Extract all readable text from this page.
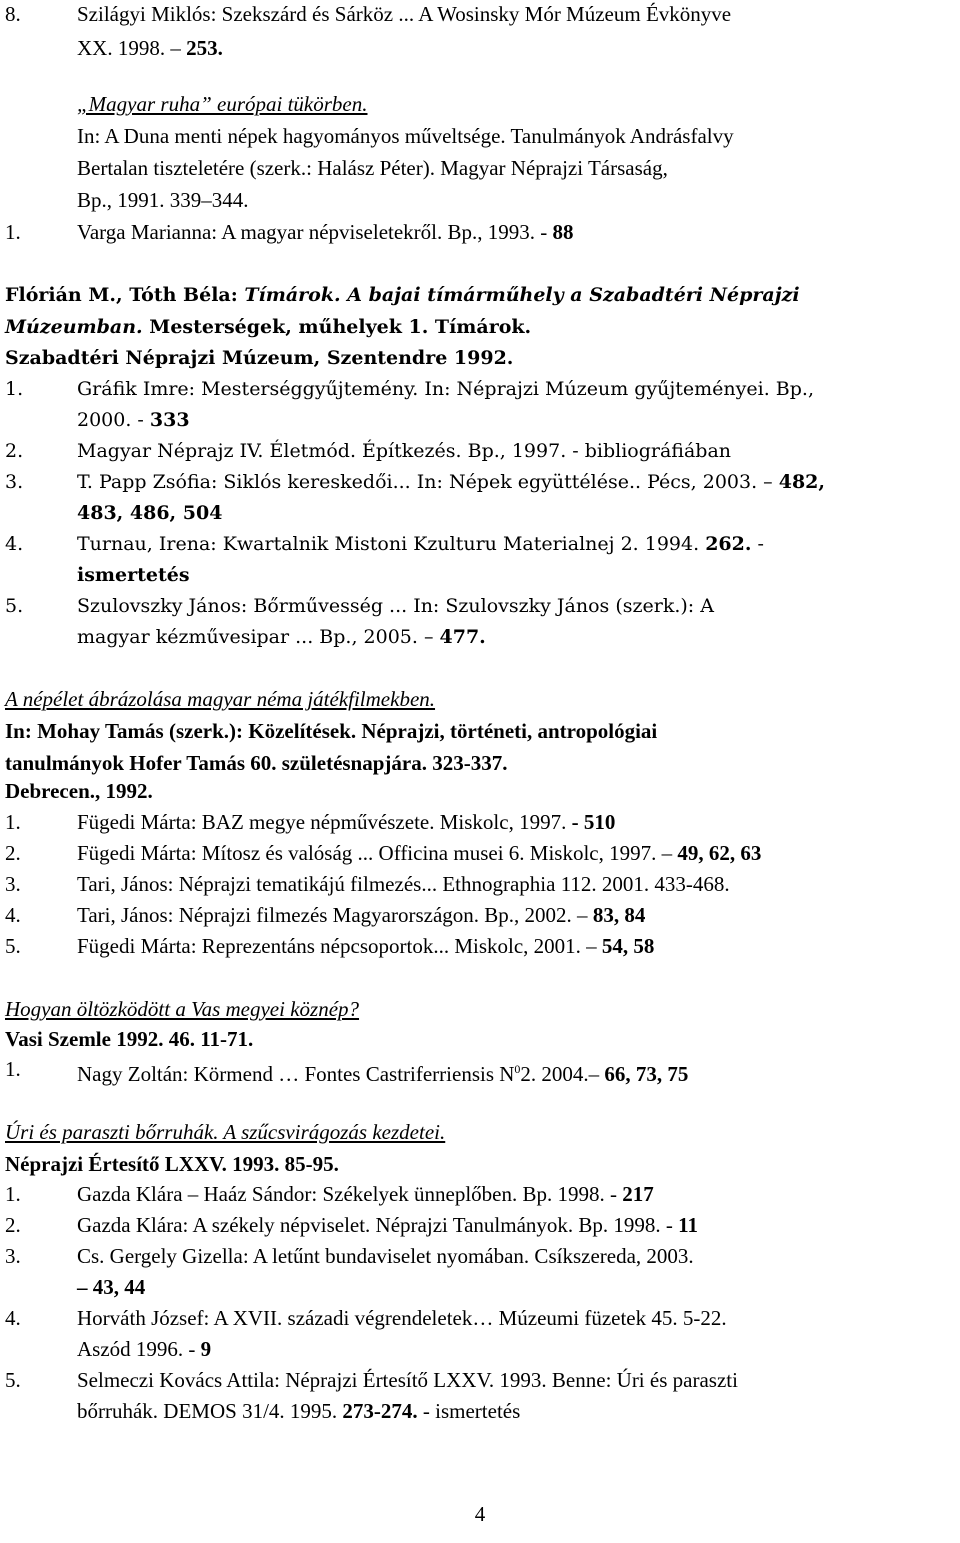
8.	Szilágyi Miklós: Szekszárd és Sárköz ... A Wosinsky Mór Múzeum Évkönyve
XX. 1998. – 253.
„Magyar ruha” európai tükörben.
In: A Duna menti népek hagyományos műveltsége. Tanulmányok Andrásfalvy
Bertalan tiszteletére (szerk.: Halász Péter). Magyar Néprajzi Társaság,
Bp., 1991. 339–344.
1.	Varga Marianna: A magyar népviseletekről. Bp., 1993. - 88
Flórián M., Tóth Béla: Tímárok. A bajai tímárműhely a Szabadtéri Néprajzi
Múzeumban. Mesterségek, műhelyek 1. Tímárok.
Szabadtéri Néprajzi Múzeum, Szentendre 1992.
1.	Gráfik Imre: Mesterséggyűjtemény. In: Néprajzi Múzeum gyűjteményei. Bp.,
2000. - 333
2.	Magyar Néprajz IV. Életmód. Építkezés. Bp., 1997. - bibliográfiában
3.	T. Papp Zsófia: Siklós kereskedői... In: Népek együttélése.. Pécs, 2003. – 482,
483, 486, 504
4.	Turnau, Irena: Kwartalnik Mistoni Kzulturu Materialnej 2. 1994. 262. -
ismertetés
5.	Szulovszky János: Bőrművesség ... In: Szulovszky János (szerk.): A
magyar kézművesipar ... Bp., 2005. – 477.
A népélet ábrázolása magyar néma játékfilmekben.
In: Mohay Tamás (szerk.): Közelítések. Néprajzi, történeti, antropológiai
tanulmányok Hofer Tamás 60. születésnapjára. 323-337.
Debrecen., 1992.
1.	Fügedi Márta: BAZ megye népművészete. Miskolc, 1997. - 510
2.	Fügedi Márta: Mítosz és valóság ... Officina musei 6. Miskolc, 1997. – 49, 62, 63
3.	Tari, János: Néprajzi tematikájú filmezés... Ethnographia 112. 2001. 433-468.
4.	Tari, János: Néprajzi filmezés Magyarországon. Bp., 2002. – 83, 84
5.	Fügedi Márta: Reprezentáns népcsoportok... Miskolc, 2001. – 54, 58
Hogyan öltözködött a Vas megyei köznép?
Vasi Szemle 1992. 46. 11-71.
1.	Nagy Zoltán: Körmend … Fontes Castriferriensis $N^02$. 2004.– 66, 73, 75
Úri és paraszti bőrruhák. A szűcsvirágozás kezdetei.
Néprajzi Értesítő LXXV. 1993. 85-95.
1.	Gazda Klára – Haáz Sándor: Székelyek ünneplőben. Bp. 1998. - 217
2.	Gazda Klára: A székely népviselet. Néprajzi Tanulmányok. Bp. 1998. - 11
3.	Cs. Gergely Gizella: A letűnt bundaviselet nyomában. Csíkszereda, 2003.
– 43, 44
4.	Horváth József: A XVII. századi végrendeletek… Múzeumi füzetek 45. 5-22.
Aszód 1996. - 9
5.	Selmeczi Kovács Attila: Néprajzi Értesítő LXXV. 1993. Benne: Úri és paraszti
bőrruhák. DEMOS 31/4. 1995. 273-274. - ismertetés
4
